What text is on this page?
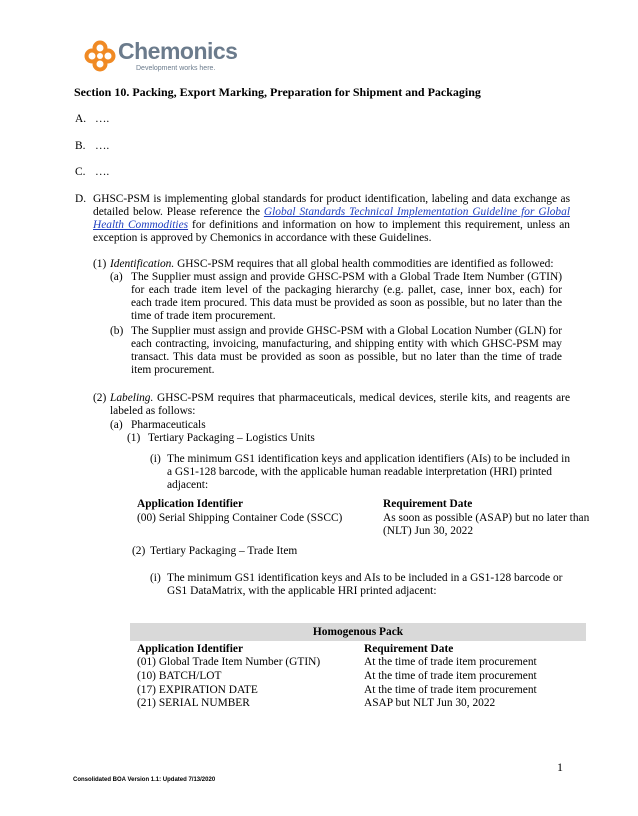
Chemonics
Development works here.
Section 10. Packing, Export Marking, Preparation for Shipment and Packaging
A. ….
B. ….
C. ….
D. GHSC-PSM is implementing global standards for product identification, labeling and data exchange as detailed below. Please reference the Global Standards Technical Implementation Guideline for Global Health Commodities for definitions and information on how to implement this requirement, unless an exception is approved by Chemonics in accordance with these Guidelines.
(1) Identification. GHSC-PSM requires that all global health commodities are identified as followed:
(a) The Supplier must assign and provide GHSC-PSM with a Global Trade Item Number (GTIN) for each trade item level of the packaging hierarchy (e.g. pallet, case, inner box, each) for each trade item procured. This data must be provided as soon as possible, but no later than the time of trade item procurement.
(b) The Supplier must assign and provide GHSC-PSM with a Global Location Number (GLN) for each contracting, invoicing, manufacturing, and shipping entity with which GHSC-PSM may transact. This data must be provided as soon as possible, but no later than the time of trade item procurement.
(2) Labeling. GHSC-PSM requires that pharmaceuticals, medical devices, sterile kits, and reagents are labeled as follows:
(a) Pharmaceuticals
(1) Tertiary Packaging – Logistics Units
(i) The minimum GS1 identification keys and application identifiers (AIs) to be included in a GS1-128 barcode, with the applicable human readable interpretation (HRI) printed adjacent:
Application Identifier	Requirement Date
(00) Serial Shipping Container Code (SSCC)	As soon as possible (ASAP) but no later than (NLT) Jun 30, 2022
(2) Tertiary Packaging – Trade Item
(i) The minimum GS1 identification keys and AIs to be included in a GS1-128 barcode or GS1 DataMatrix, with the applicable HRI printed adjacent:
Homogenous Pack
Application Identifier	Requirement Date
(01) Global Trade Item Number (GTIN)	At the time of trade item procurement
(10) BATCH/LOT	At the time of trade item procurement
(17) EXPIRATION DATE	At the time of trade item procurement
(21) SERIAL NUMBER	ASAP but NLT Jun 30, 2022
1
Consolidated BOA Version 1.1: Updated 7/13/2020
